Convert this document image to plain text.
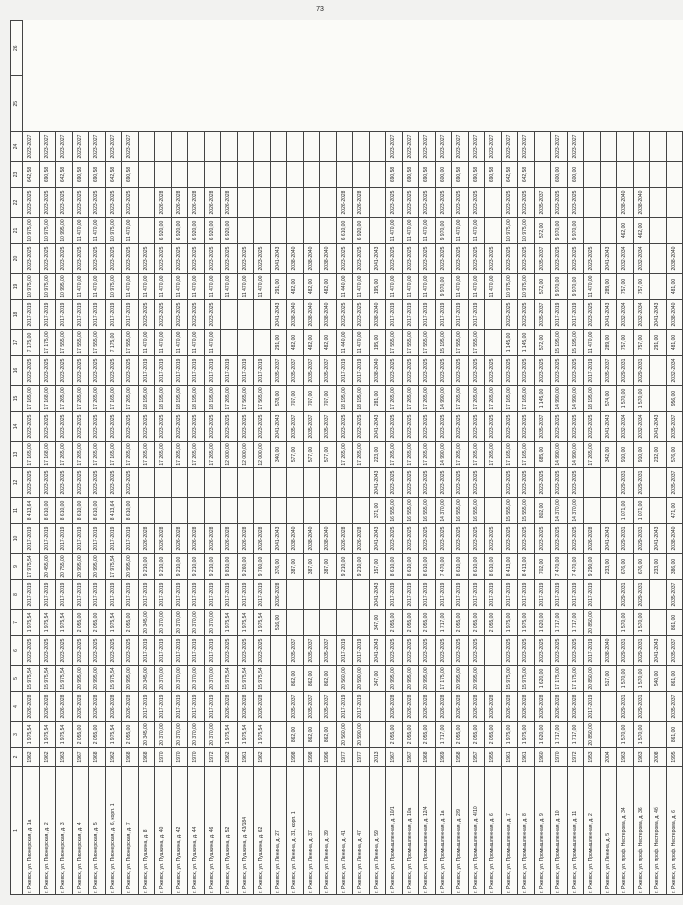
73
1	2	3	4	5	6	7	8	9	10	11	12	13	14	15	16	17	18	19	20	21	22	23	24	25	26
г. Ржевск, ул. Пионерская, д. 1а	1962	1 975,54	2026-2028	15 975,54	2023-2025	1 975,54	2017-2019	17 975,54	2017-2019	8 413,64	2023-2025	17 165,00	2023-2025	17 165,00	2023-2025	7 175,00	2017-2019	10 975,00	2023-2025	10 975,00	2023-2025	642,58	2023-2027		
г. Ржевск, ул. Пионерская, д. 2	1962	1 975,54	2026-2028	15 975,54	2023-2025	1 975,54	2017-2019	20 455,00	2017-2019	8 610,00	2023-2025	17 168,00	2023-2025	17 168,00	2023-2025	17 175,00	2017-2019	10 975,00	2023-2025	10 975,00	2023-2025	690,58	2023-2027		
г. Ржевск, ул. Пионерская, д. 3	1963	1 975,54	2026-2028	15 975,54	2023-2025	1 975,54	2017-2019	20 755,00	2017-2019	8 610,00	2023-2025	17 265,00	2023-2025	17 265,00	2023-2025	17 555,00	2017-2019	10 995,00	2023-2025	10 995,00	2023-2025	642,58	2023-2027		
г. Ржевск, ул. Пионерская, д. 4	1967	2 055,00	2026-2028	20 995,00	2023-2025	2 055,00	2017-2019	20 995,00	2017-2019	8 610,00	2023-2025	17 265,00	2023-2025	17 265,00	2023-2025	17 555,00	2017-2019	11 470,00	2023-2025	11 470,00	2023-2025	690,58	2023-2027		
г. Ржевск, ул. Пионерская, д. 5	1968	2 055,00	2026-2028	20 995,00	2023-2025	2 055,00	2017-2019	20 995,00	2017-2019	8 610,00	2023-2025	17 265,00	2023-2025	17 265,00	2023-2025	17 555,00	2017-2019	11 470,00	2023-2025	11 470,00	2023-2025	690,58	2023-2027		
г. Ржевск, ул. Пионерская, д. 6, корп. 1	1962	1 975,54	2026-2028	15 975,54	2023-2025	1 975,54	2017-2019	17 975,54	2017-2019	8 413,64	2023-2025	17 165,00	2023-2025	17 165,00	2023-2025	7 175,00	2017-2019	10 975,00	2023-2025	10 975,00	2023-2025	642,58	2023-2027		
г. Ржевск, ул. Пионерская, д. 7	1968	2 055,00	2026-2028	20 995,00	2023-2025	2 055,00	2017-2019	20 995,00	2017-2019	8 610,00	2023-2025	17 265,00	2023-2025	17 265,00	2023-2025	17 555,00	2017-2019	11 470,00	2023-2025	11 470,00	2023-2025	690,58	2023-2027		
г. Ржевск, ул. Пушкина, д. 8	1968	20 345,00	2017-2019	20 345,00	2017-2019	20 345,00	2017-2019	9 210,00	2026-2028			17 265,00	2023-2025	18 195,00	2017-2019	11 470,00	2023-2025	11 470,00	2023-2025						
г. Ржевск, ул. Пушкина, д. 40	1970	20 370,00	2017-2019	20 370,00	2017-2019	20 370,00	2017-2019	9 210,00	2026-2028			17 265,00	2023-2025	18 195,00	2017-2019	11 470,00	2023-2025	11 470,00	2023-2025	6 920,00	2026-2028				
г. Ржевск, ул. Пушкина, д. 42	1970	20 370,00	2017-2019	20 370,00	2017-2019	20 370,00	2017-2019	9 210,00	2026-2028			17 265,00	2023-2025	18 195,00	2017-2019	11 470,00	2023-2025	11 470,00	2023-2025	6 920,00	2026-2028				
г. Ржевск, ул. Пушкина, д. 44	1970	20 370,00	2017-2019	20 370,00	2017-2019	20 370,00	2017-2019	9 210,00	2026-2028			17 265,00	2023-2025	18 195,00	2017-2019	11 470,00	2023-2025	11 470,00	2023-2025	6 920,00	2026-2028				
г. Ржевск, ул. Пушкина, д. 46	1972	20 370,00	2017-2019	20 370,00	2017-2019	20 370,00	2017-2019	9 210,00	2026-2028			17 265,00	2023-2025	18 195,00	2017-2019	11 470,00	2023-2025	11 470,00	2023-2025	6 920,00	2026-2028				
г. Ржевск, ул. Пушкина, д. 52	1962	1 975,54	2026-2028	15 975,54	2023-2025	1 975,54	2017-2019	9 810,00	2026-2028			12 000,00	2023-2025	17 265,00	2017-2019			11 470,00	2023-2025	6 920,00	2026-2028				
г. Ржевск, ул. Пушкина, д. 43/184	1961	1 975,54	2026-2028	15 975,54	2023-2025	1 975,54	2017-2019	9 260,00	2026-2028			12 000,00	2023-2025	17 565,00	2017-2019			11 470,00	2023-2025						
г. Ржевск, ул. Пушкина, д. 62	1962	1 975,54	2026-2028	15 975,54	2023-2025	1 975,54	2017-2019	9 760,00	2026-2028			12 000,00	2023-2025	17 565,00	2017-2019			11 470,00	2023-2025						
г. Ржевск, ул. Ленина, д. 27						516,00	2026-2028	376,00	2041-2043			340,00	2041-2043	578,00	2035-2037	291,00	2041-2043	291,00	2041-2043						
г. Ржевск, ул. Ленина, д. 31, корп. 1	1998	862,00	2035-2037	862,00	2035-2037			387,00	2038-2040			577,00	2035-2037	707,00	2035-2037	482,00	2038-2040	482,00	2038-2040						
г. Ржевск, ул. Ленина, д. 37	1998	862,00	2035-2037	862,00	2035-2037			387,00	2038-2040			577,00	2035-2037	707,00	2035-2037	482,00	2038-2040	482,00	2038-2040						
г. Ржевск, ул. Ленина, д. 39	1996	862,00	2035-2037	862,00	2035-2037			387,00	2038-2040			577,00	2035-2037	707,00	2035-2037	482,00	2038-2040	482,00	2038-2040						
г. Ржевск, ул. Ленина, д. 41	1977	20 560,00	2017-2019	20 560,00	2017-2019			9 210,00	2026-2028			17 265,00	2023-2025	18 195,00	2017-2019	11 440,00	2023-2025	11 440,00	2023-2025	6 610,00	2026-2028				
г. Ржевск, ул. Ленина, д. 47	1977	20 590,00	2017-2019	20 590,00	2017-2019			9 210,00	2026-2028			17 265,00	2023-2025	18 195,00	2017-2019	11 470,00	2023-2025	11 470,00	2023-2025	6 920,00	2026-2028				
г. Ржевск, ул. Ленина, д. 59	2013			347,00	2041-2043	347,00	2041-2043	157,00	2041-2043	371,00	2041-2043	223,00	2041-2043	281,00	2038-2040	195,00	2038-2040	195,00	2041-2043						
г. Ржевск, ул. Промышленная, д. 10/1	1967	2 055,00	2026-2028	20 995,00	2023-2025	2 055,00	2017-2019	8 610,00	2023-2025	16 555,00	2023-2025	17 265,00	2023-2025	17 265,00	2023-2025	17 555,00	2017-2019	11 470,00	2023-2025	11 470,00	2023-2025	690,58	2023-2027		
г. Ржевск, ул. Промышленная, д. 10а	1967	2 055,00	2026-2028	20 995,00	2023-2025	2 055,00	2017-2019	8 610,00	2023-2025	16 555,00	2023-2025	17 265,00	2023-2025	17 265,00	2023-2025	17 555,00	2017-2019	11 470,00	2023-2025	11 470,00	2023-2025	690,58	2023-2027		
г. Ржевск, ул. Промышленная, д. 12/4	1968	2 055,00	2026-2028	20 995,00	2023-2025	2 055,00	2017-2019	8 610,00	2023-2025	16 555,00	2023-2025	17 265,00	2023-2025	17 265,00	2023-2025	17 555,00	2017-2019	11 470,00	2023-2025	11 470,00	2023-2025	690,58	2023-2027		
г. Ржевск, ул. Промышленная, д. 1а	1969	1 717,00	2026-2028	17 175,00	2023-2025	1 717,00	2017-2019	7 470,00	2023-2025	14 370,00	2023-2025	14 990,00	2023-2025	14 990,00	2023-2025	15 195,00	2017-2019	9 970,00	2023-2025	9 970,00	2023-2025	600,00	2023-2027		
г. Ржевск, ул. Промышленная, д. 2/9	1958	2 055,00	2026-2028	20 995,00	2023-2025	2 055,00	2017-2019	8 610,00	2023-2025	16 555,00	2023-2025	17 265,00	2023-2025	17 265,00	2023-2025	17 555,00	2017-2019	11 470,00	2023-2025	11 470,00	2023-2025	690,58	2023-2027		
г. Ржевск, ул. Промышленная, д. 4/10	1957	2 055,00	2026-2028	20 995,00	2023-2025	2 055,00	2017-2019	8 610,00	2023-2025	16 555,00	2023-2025	17 265,00	2023-2025	17 265,00	2023-2025	17 555,00	2017-2019	11 470,00	2023-2025	11 470,00	2023-2025	690,58	2023-2027		
г. Ржевск, ул. Промышленная, д. 6	1955	2 055,00	2026-2028			2 055,00	2017-2019	8 610,00	2023-2025			17 265,00	2023-2025	17 265,00	2023-2025			11 470,00	2023-2025			690,58	2023-2027		
г. Ржевск, ул. Промышленная, д. 7	1961	1 975,00	2026-2028	15 975,00	2023-2025	1 975,00	2017-2019	8 413,00	2023-2025	15 555,00	2023-2025	17 165,00	2023-2025	17 165,00	2023-2025	1 145,00	2023-2025	10 975,00	2023-2025	10 975,00	2023-2025	642,58	2023-2027		
г. Ржевск, ул. Промышленная, д. 8	1961	1 975,00	2026-2028	15 975,00	2023-2025	1 975,00	2017-2019	8 413,00	2023-2025	15 555,00	2023-2025	17 165,00	2023-2025	17 165,00	2023-2025	1 145,00	2023-2025	10 975,00	2023-2025	10 975,00	2023-2025	642,58	2023-2027		
г. Ржевск, ул. Промышленная, д. 9	1960	1 620,00	2026-2028	1 620,00	2023-2025	1 620,00	2017-2019	702,00	2023-2025	802,00	2023-2025	685,00	2035-2037	1 145,00	2023-2025	572,00	2035-2037	572,00	2035-2037	572,00	2035-2037				
г. Ржевск, ул. Промышленная, д. 10	1970	1 717,00	2026-2028	17 175,00	2023-2025	1 717,00	2017-2019	7 470,00	2023-2025	14 370,00	2023-2025	14 990,00	2023-2025	14 990,00	2023-2025	15 195,00	2017-2019	9 970,00	2023-2025	9 970,00	2023-2025	600,00	2023-2027		
г. Ржевск, ул. Промышленная, д. 11	1972	1 717,00	2026-2028	17 175,00	2023-2025	1 717,00	2017-2019	7 470,00	2023-2025	14 370,00	2023-2025	14 990,00	2023-2025	14 990,00	2023-2025	15 195,00	2017-2019	9 970,00	2023-2025	9 970,00	2023-2025	600,00	2023-2027		
г. Ржевск, ул. Промышленная, д. 2	1953	20 850,00	2017-2019	20 850,00	2017-2019	20 850,00	2017-2019	9 290,00	2026-2028			17 265,00	2023-2025	18 195,00	2017-2019	11 470,00	2023-2025	11 470,00	2023-2025						
г. Ржевск, ул. Ленина, д. 5	2004			517,00	2038-2040			233,00	2041-2043			342,00	2041-2043	574,00	2035-2037	289,00	2041-2043	289,00	2041-2043						
г. Ржевск, ул. проф. Нестерова, д. 34	1963	1 570,00	2029-2031	1 570,00	2029-2031	1 570,00	2029-2031	676,00	2029-2031	1 071,00	2029-2031	910,00	2032-2034	1 570,00	2029-2031	757,00	2032-2034	757,00	2032-2034	462,00	2038-2040				
г. Ржевск, ул. проф. Нестерова, д. 36	1963	1 570,00	2029-2031	1 570,00	2029-2031	1 570,00	2029-2031	676,00	2029-2031	1 071,00	2029-2031	910,00	2032-2034	1 570,00	2029-2031	757,00	2032-2034	757,00	2032-2034	462,00	2038-2040				
г. Ржевск, ул. проф. Нестерова, д. 4б	2008			540,00	2041-2043			233,00	2041-2043			232,00	2041-2043			291,00	2041-2043								
г. Ржевск, ул. проф. Нестерова, д. 6	1995	861,00	2035-2037	861,00	2035-2037	861,00	2035-2037	386,00	2038-2040	471,00	2035-2037	576,00	2035-2037	956,00	2032-2034	481,00	2038-2040	481,00	2038-2040						
